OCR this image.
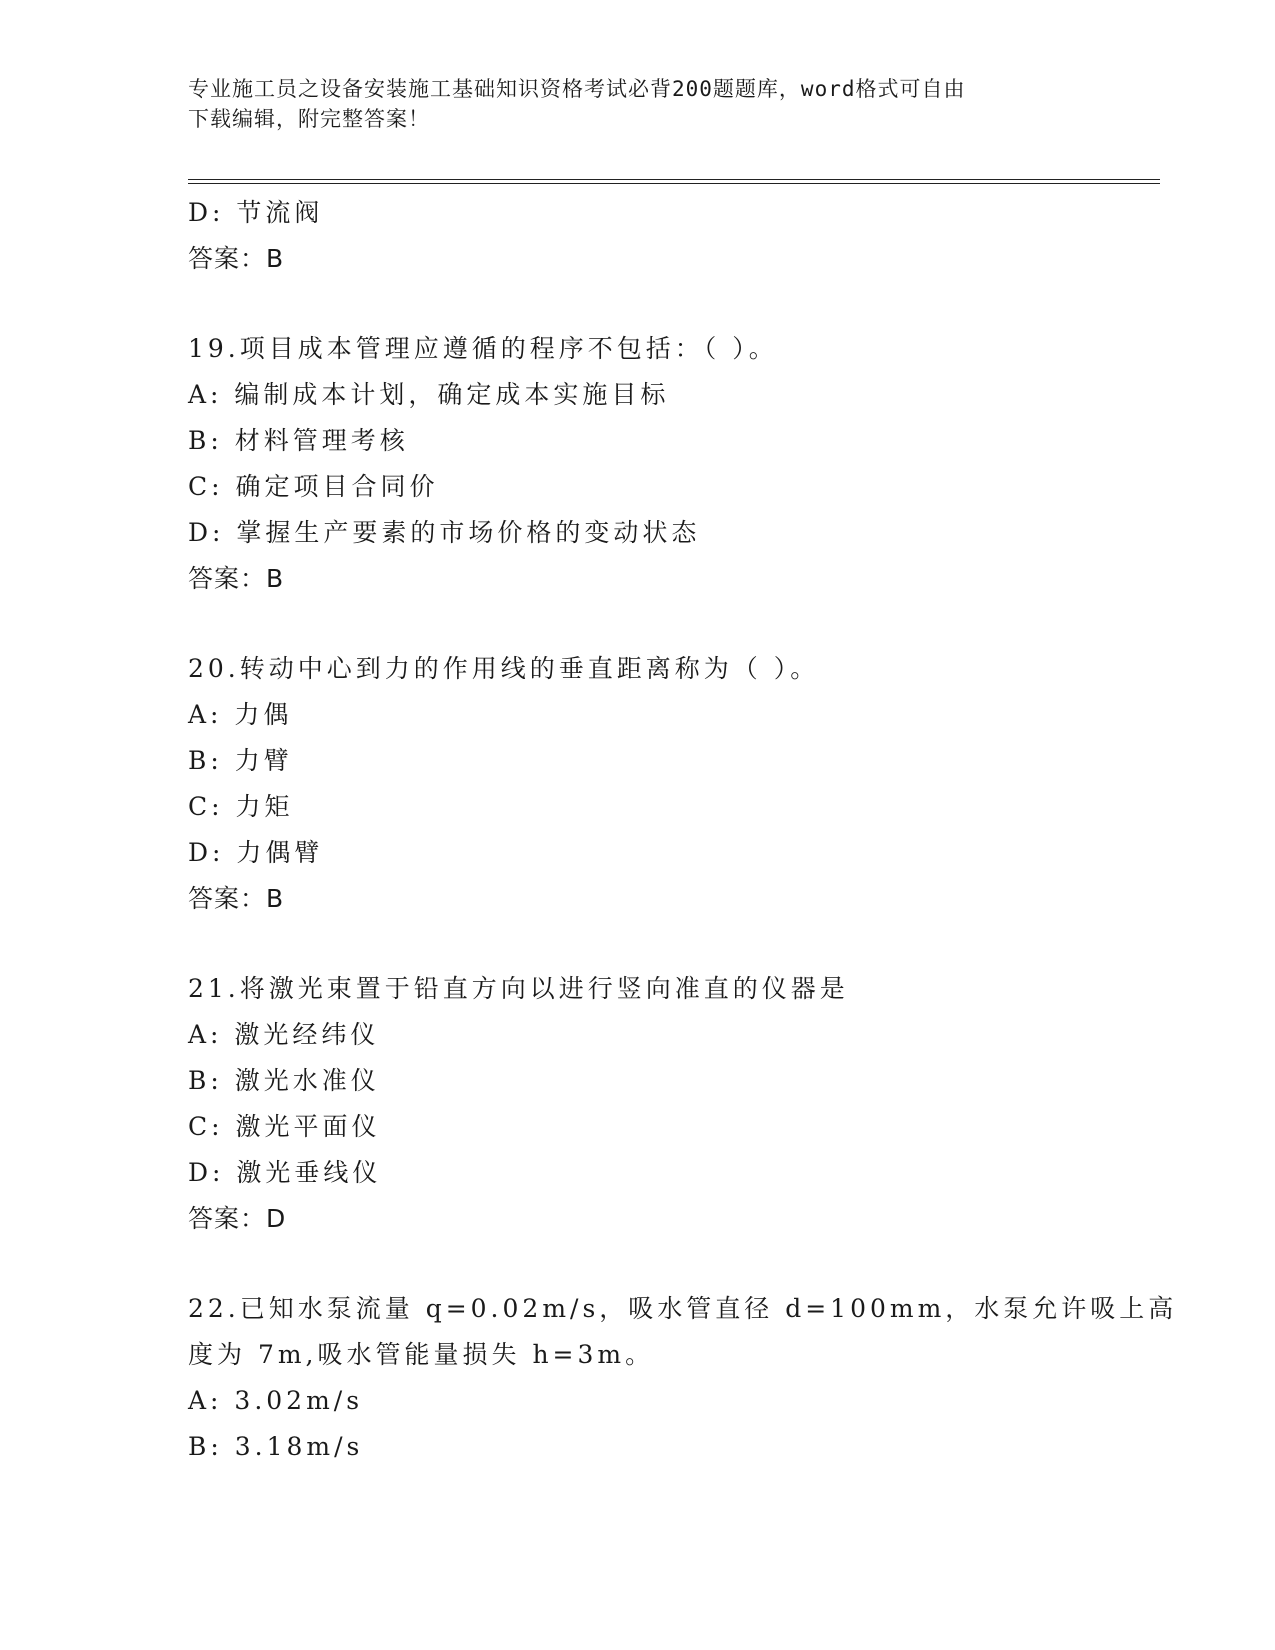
专业施工员之设备安装施工基础知识资格考试必背200题题库，word格式可自由
下载编辑，附完整答案！
D: 节流阀
答案：B
19.项目成本管理应遵循的程序不包括：（ ）。
A: 编制成本计划，确定成本实施目标
B: 材料管理考核
C: 确定项目合同价
D: 掌握生产要素的市场价格的变动状态
答案：B
20.转动中心到力的作用线的垂直距离称为（ ）。
A: 力偶
B: 力臂
C: 力矩
D: 力偶臂
答案：B
21.将激光束置于铅直方向以进行竖向准直的仪器是
A: 激光经纬仪
B: 激光水准仪
C: 激光平面仪
D: 激光垂线仪
答案：D
22.已知水泵流量 q=0.02m/s，吸水管直径 d=100mm，水泵允许吸上高
度为 7m,吸水管能量损失 h=3m。
A: 3.02m/s
B: 3.18m/s
